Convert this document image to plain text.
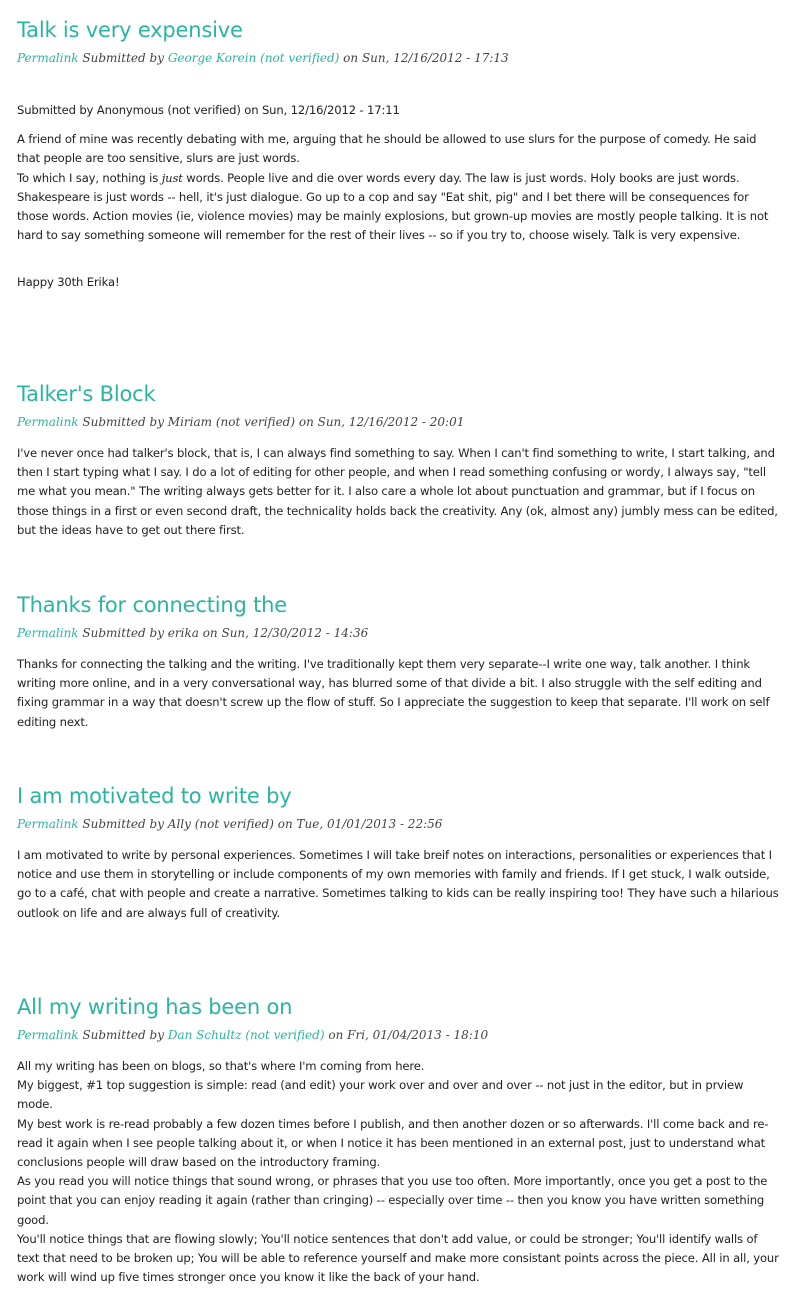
Talk is very expensive
Permalink Submitted by George Korein (not verified) on Sun, 12/16/2012 - 17:13

Submitted by Anonymous (not verified) on Sun, 12/16/2012 - 17:11

A friend of mine was recently debating with me, arguing that he should be allowed to use slurs for the purpose of comedy. He said that people are too sensitive, slurs are just words.

To which I say, nothing is just words. People live and die over words every day. The law is just words. Holy books are just words. Shakespeare is just words -- hell, it's just dialogue. Go up to a cop and say "Eat shit, pig" and I bet there will be consequences for those words. Action movies (ie, violence movies) may be mainly explosions, but grown-up movies are mostly people talking. It is not hard to say something someone will remember for the rest of their lives -- so if you try to, choose wisely. Talk is very expensive.

Happy 30th Erika!

Talker's Block
Permalink Submitted by Miriam (not verified) on Sun, 12/16/2012 - 20:01

I've never once had talker's block, that is, I can always find something to say. When I can't find something to write, I start talking, and then I start typing what I say. I do a lot of editing for other people, and when I read something confusing or wordy, I always say, "tell me what you mean." The writing always gets better for it. I also care a whole lot about punctuation and grammar, but if I focus on those things in a first or even second draft, the technicality holds back the creativity. Any (ok, almost any) jumbly mess can be edited, but the ideas have to get out there first.

Thanks for connecting the
Permalink Submitted by erika on Sun, 12/30/2012 - 14:36

Thanks for connecting the talking and the writing. I've traditionally kept them very separate--I write one way, talk another. I think writing more online, and in a very conversational way, has blurred some of that divide a bit. I also struggle with the self editing and fixing grammar in a way that doesn't screw up the flow of stuff. So I appreciate the suggestion to keep that separate. I'll work on self editing next.

I am motivated to write by
Permalink Submitted by Ally (not verified) on Tue, 01/01/2013 - 22:56

I am motivated to write by personal experiences. Sometimes I will take breif notes on interactions, personalities or experiences that I notice and use them in storytelling or include components of my own memories with family and friends. If I get stuck, I walk outside, go to a café, chat with people and create a narrative. Sometimes talking to kids can be really inspiring too! They have such a hilarious outlook on life and are always full of creativity.

All my writing has been on
Permalink Submitted by Dan Schultz (not verified) on Fri, 01/04/2013 - 18:10

All my writing has been on blogs, so that's where I'm coming from here.

My biggest, #1 top suggestion is simple: read (and edit) your work over and over and over -- not just in the editor, but in prview mode.

My best work is re-read probably a few dozen times before I publish, and then another dozen or so afterwards. I'll come back and re-read it again when I see people talking about it, or when I notice it has been mentioned in an external post, just to understand what conclusions people will draw based on the introductory framing.

As you read you will notice things that sound wrong, or phrases that you use too often. More importantly, once you get a post to the point that you can enjoy reading it again (rather than cringing) -- especially over time -- then you know you have written something good.

You'll notice things that are flowing slowly; You'll notice sentences that don't add value, or could be stronger; You'll identify walls of text that need to be broken up; You will be able to reference yourself and make more consistant points across the piece. All in all, your work will wind up five times stronger once you know it like the back of your hand.
